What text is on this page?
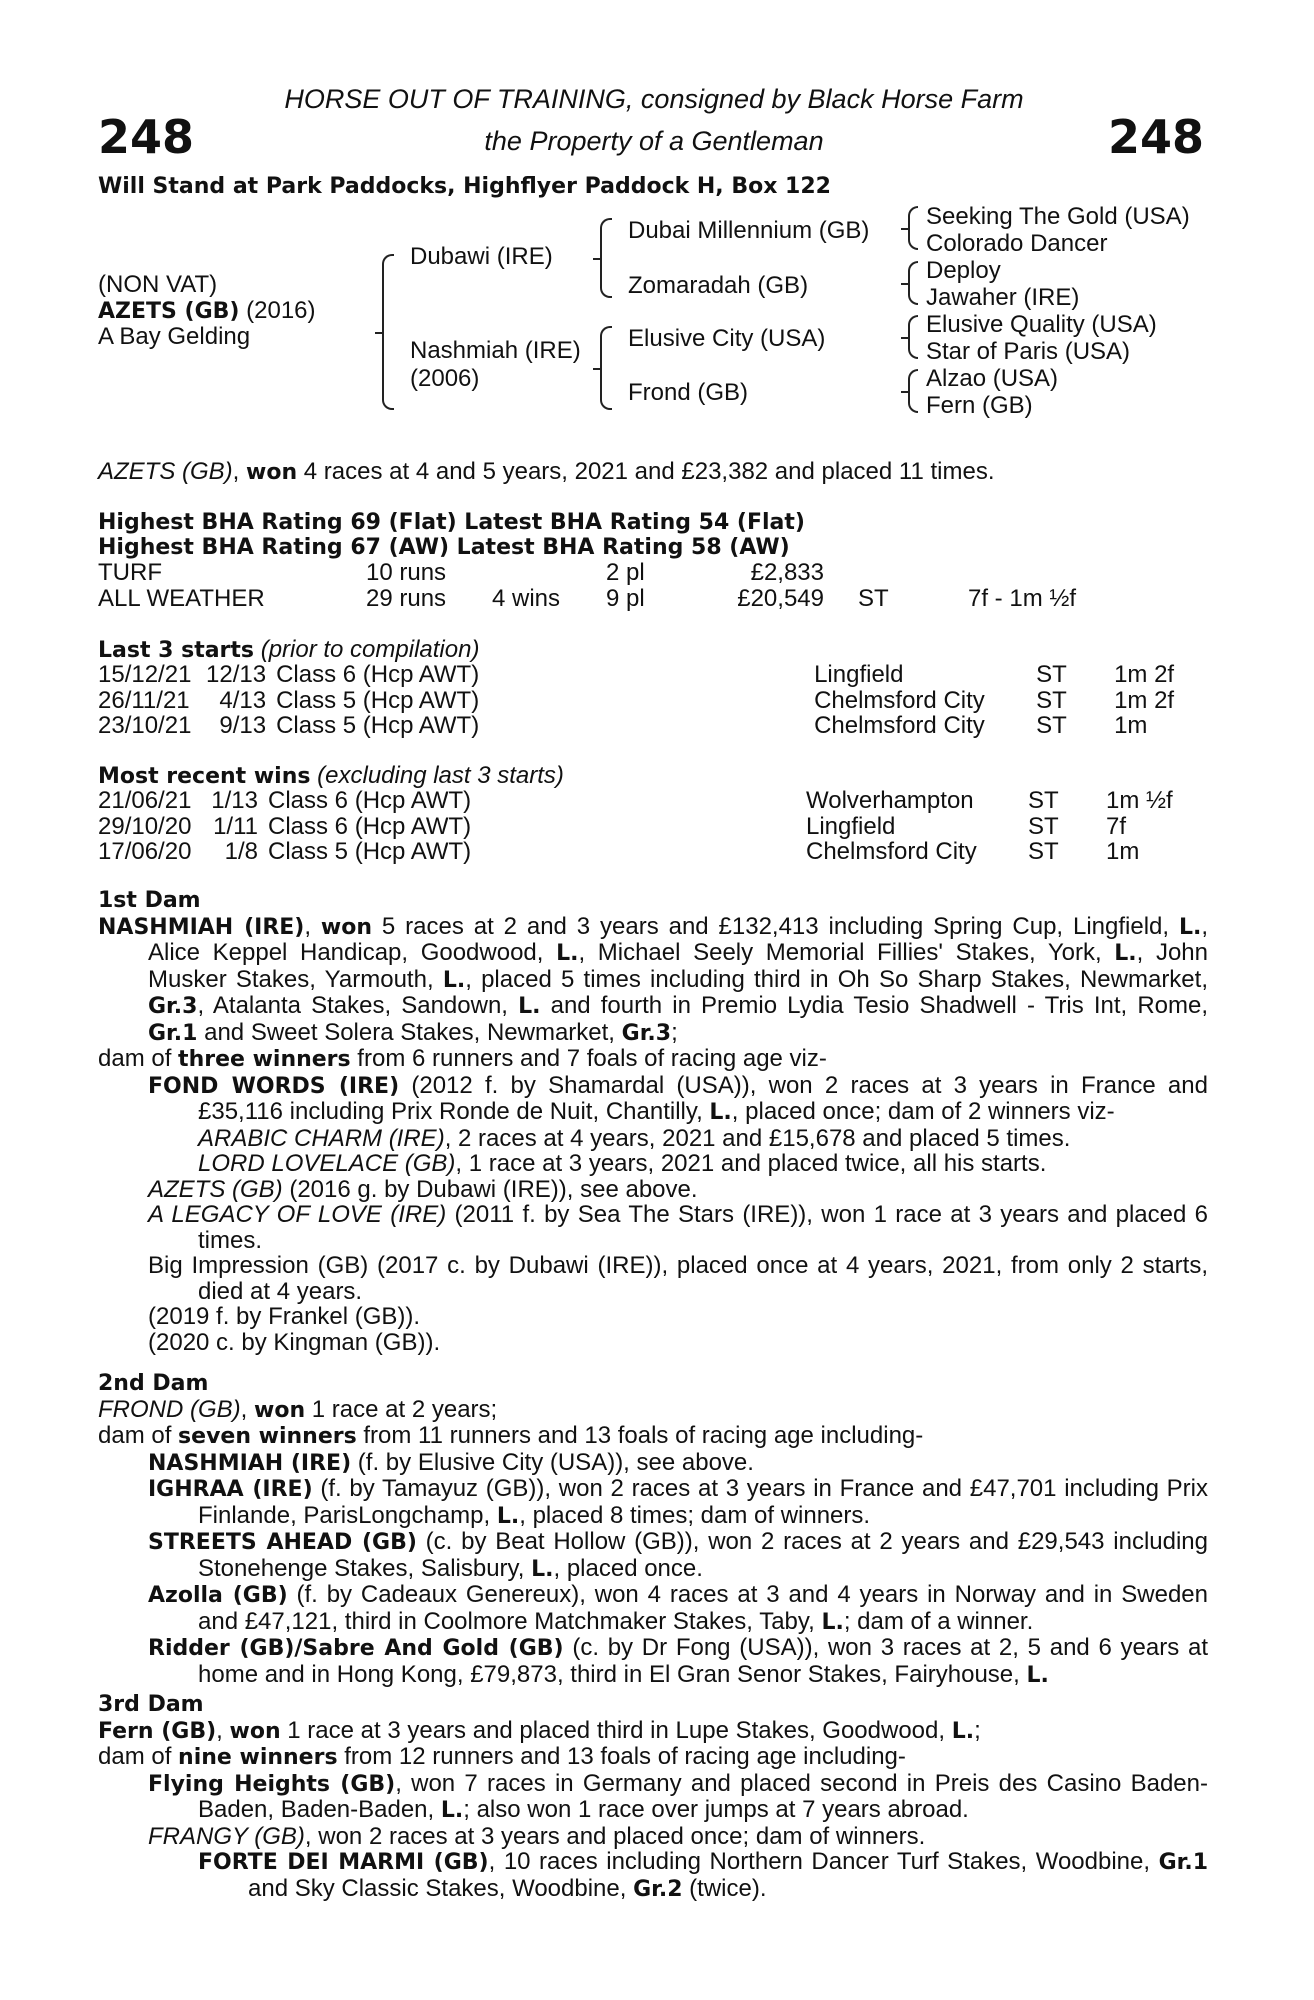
248	248
HORSE OUT OF TRAINING, consigned by Black Horse Farm
the Property of a Gentleman
Will Stand at Park Paddocks, Highflyer Paddock H, Box 122
(NON VAT)
AZETS (GB) (2016)
A Bay Gelding
Dubawi (IRE)
Nashmiah (IRE)
(2006)
Dubai Millennium (GB)
Zomaradah (GB)
Elusive City (USA)
Frond (GB)
Seeking The Gold (USA)
Colorado Dancer
Deploy
Jawaher (IRE)
Elusive Quality (USA)
Star of Paris (USA)
Alzao (USA)
Fern (GB)
AZETS (GB), won 4 races at 4 and 5 years, 2021 and £23,382 and placed 11 times.
Highest BHA Rating 69 (Flat) Latest BHA Rating 54 (Flat)
Highest BHA Rating 67 (AW) Latest BHA Rating 58 (AW)
TURF	10 runs		2 pl	£2,833		
ALL WEATHER	29 runs	4 wins	9 pl	£20,549	ST	7f - 1m ½f
Last 3 starts (prior to compilation)
15/12/21	12/13	Class 6 (Hcp AWT)	Lingfield	ST	1m 2f
26/11/21	4/13	Class 5 (Hcp AWT)	Chelmsford City	ST	1m 2f
23/10/21	9/13	Class 5 (Hcp AWT)	Chelmsford City	ST	1m
Most recent wins (excluding last 3 starts)
21/06/21	1/13	Class 6 (Hcp AWT)	Wolverhampton	ST	1m ½f
29/10/20	1/11	Class 6 (Hcp AWT)	Lingfield	ST	7f
17/06/20	1/8	Class 5 (Hcp AWT)	Chelmsford City	ST	1m

1st Dam

NASHMIAH (IRE), won 5 races at 2 and 3 years and £132,413 including Spring Cup, Lingfield, L., Alice Keppel Handicap, Goodwood, L., Michael Seely Memorial Fillies' Stakes, York, L., John Musker Stakes, Yarmouth, L., placed 5 times including third in Oh So Sharp Stakes, Newmarket, Gr.3, Atalanta Stakes, Sandown, L. and fourth in Premio Lydia Tesio Shadwell - Tris Int, Rome, Gr.1 and Sweet Solera Stakes, Newmarket, Gr.3;

dam of three winners from 6 runners and 7 foals of racing age viz-

FOND WORDS (IRE) (2012 f. by Shamardal (USA)), won 2 races at 3 years in France and £35,116 including Prix Ronde de Nuit, Chantilly, L., placed once; dam of 2 winners viz-

ARABIC CHARM (IRE), 2 races at 4 years, 2021 and £15,678 and placed 5 times.

LORD LOVELACE (GB), 1 race at 3 years, 2021 and placed twice, all his starts.

AZETS (GB) (2016 g. by Dubawi (IRE)), see above.

A LEGACY OF LOVE (IRE) (2011 f. by Sea The Stars (IRE)), won 1 race at 3 years and placed 6 times.

Big Impression (GB) (2017 c. by Dubawi (IRE)), placed once at 4 years, 2021, from only 2 starts, died at 4 years.

(2019 f. by Frankel (GB)).

(2020 c. by Kingman (GB)).

2nd Dam

FROND (GB), won 1 race at 2 years;

dam of seven winners from 11 runners and 13 foals of racing age including-

NASHMIAH (IRE) (f. by Elusive City (USA)), see above.

IGHRAA (IRE) (f. by Tamayuz (GB)), won 2 races at 3 years in France and £47,701 including Prix Finlande, ParisLongchamp, L., placed 8 times; dam of winners.

STREETS AHEAD (GB) (c. by Beat Hollow (GB)), won 2 races at 2 years and £29,543 including Stonehenge Stakes, Salisbury, L., placed once.

Azolla (GB) (f. by Cadeaux Genereux), won 4 races at 3 and 4 years in Norway and in Sweden and £47,121, third in Coolmore Matchmaker Stakes, Taby, L.; dam of a winner.

Ridder (GB)/Sabre And Gold (GB) (c. by Dr Fong (USA)), won 3 races at 2, 5 and 6 years at home and in Hong Kong, £79,873, third in El Gran Senor Stakes, Fairyhouse, L.

3rd Dam

Fern (GB), won 1 race at 3 years and placed third in Lupe Stakes, Goodwood, L.;

dam of nine winners from 12 runners and 13 foals of racing age including-

Flying Heights (GB), won 7 races in Germany and placed second in Preis des Casino Baden-Baden, Baden-Baden, L.; also won 1 race over jumps at 7 years abroad.

FRANGY (GB), won 2 races at 3 years and placed once; dam of winners.

FORTE DEI MARMI (GB), 10 races including Northern Dancer Turf Stakes, Woodbine, Gr.1 and Sky Classic Stakes, Woodbine, Gr.2 (twice).
